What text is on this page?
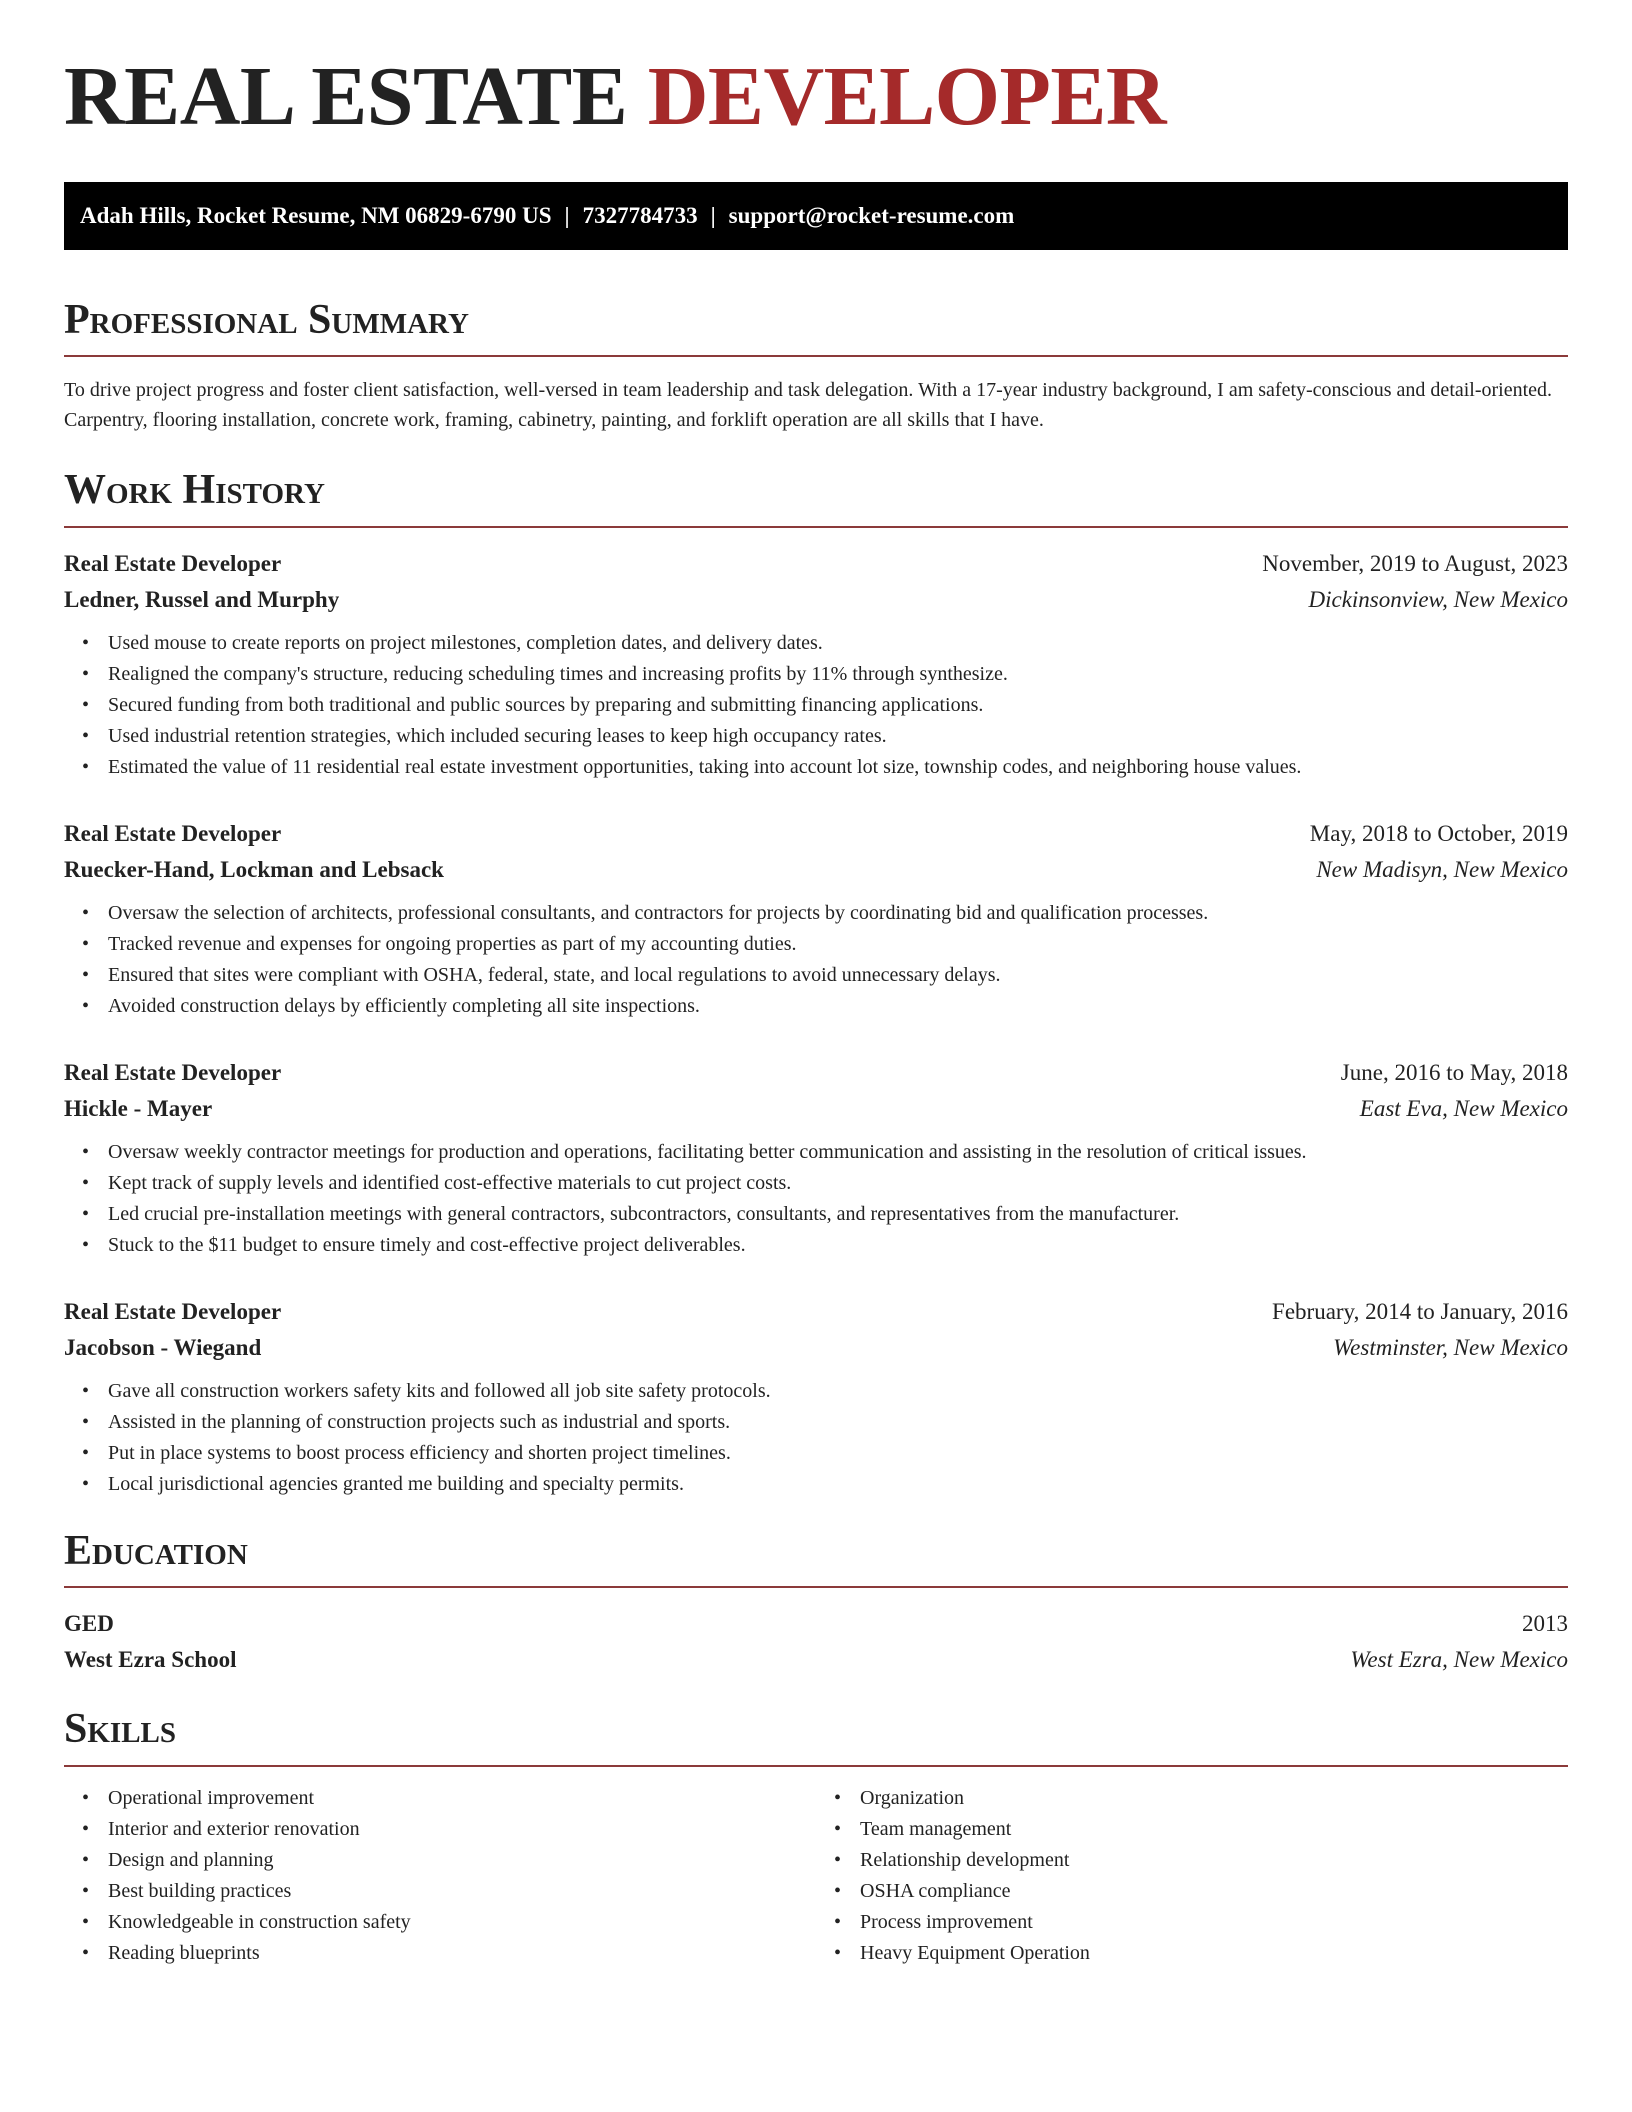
REAL ESTATE DEVELOPER
Adah Hills, Rocket Resume, NM 06829-6790 US | 7327784733 | support@rocket-resume.com
Professional Summary

To drive project progress and foster client satisfaction, well-versed in team leadership and task delegation. With a 17-year industry background, I am safety-conscious and detail-oriented. Carpentry, flooring installation, concrete work, framing, cabinetry, painting, and forklift operation are all skills that I have.

Work History
Real Estate Developer	November, 2019 to August, 2023
Ledner, Russel and Murphy	Dickinsonview, New Mexico
• Used mouse to create reports on project milestones, completion dates, and delivery dates.
• Realigned the company's structure, reducing scheduling times and increasing profits by 11% through synthesize.
• Secured funding from both traditional and public sources by preparing and submitting financing applications.
• Used industrial retention strategies, which included securing leases to keep high occupancy rates.
• Estimated the value of 11 residential real estate investment opportunities, taking into account lot size, township codes, and neighboring house values.
Real Estate Developer	May, 2018 to October, 2019
Ruecker-Hand, Lockman and Lebsack	New Madisyn, New Mexico
• Oversaw the selection of architects, professional consultants, and contractors for projects by coordinating bid and qualification processes.
• Tracked revenue and expenses for ongoing properties as part of my accounting duties.
• Ensured that sites were compliant with OSHA, federal, state, and local regulations to avoid unnecessary delays.
• Avoided construction delays by efficiently completing all site inspections.
Real Estate Developer	June, 2016 to May, 2018
Hickle - Mayer	East Eva, New Mexico
• Oversaw weekly contractor meetings for production and operations, facilitating better communication and assisting in the resolution of critical issues.
• Kept track of supply levels and identified cost-effective materials to cut project costs.
• Led crucial pre-installation meetings with general contractors, subcontractors, consultants, and representatives from the manufacturer.
• Stuck to the $11 budget to ensure timely and cost-effective project deliverables.
Real Estate Developer	February, 2014 to January, 2016
Jacobson - Wiegand	Westminster, New Mexico
• Gave all construction workers safety kits and followed all job site safety protocols.
• Assisted in the planning of construction projects such as industrial and sports.
• Put in place systems to boost process efficiency and shorten project timelines.
• Local jurisdictional agencies granted me building and specialty permits.
Education
GED	2013
West Ezra School	West Ezra, New Mexico
Skills
• Operational improvement
• Interior and exterior renovation
• Design and planning
• Best building practices
• Knowledgeable in construction safety
• Reading blueprints
• Organization
• Team management
• Relationship development
• OSHA compliance
• Process improvement
• Heavy Equipment Operation
